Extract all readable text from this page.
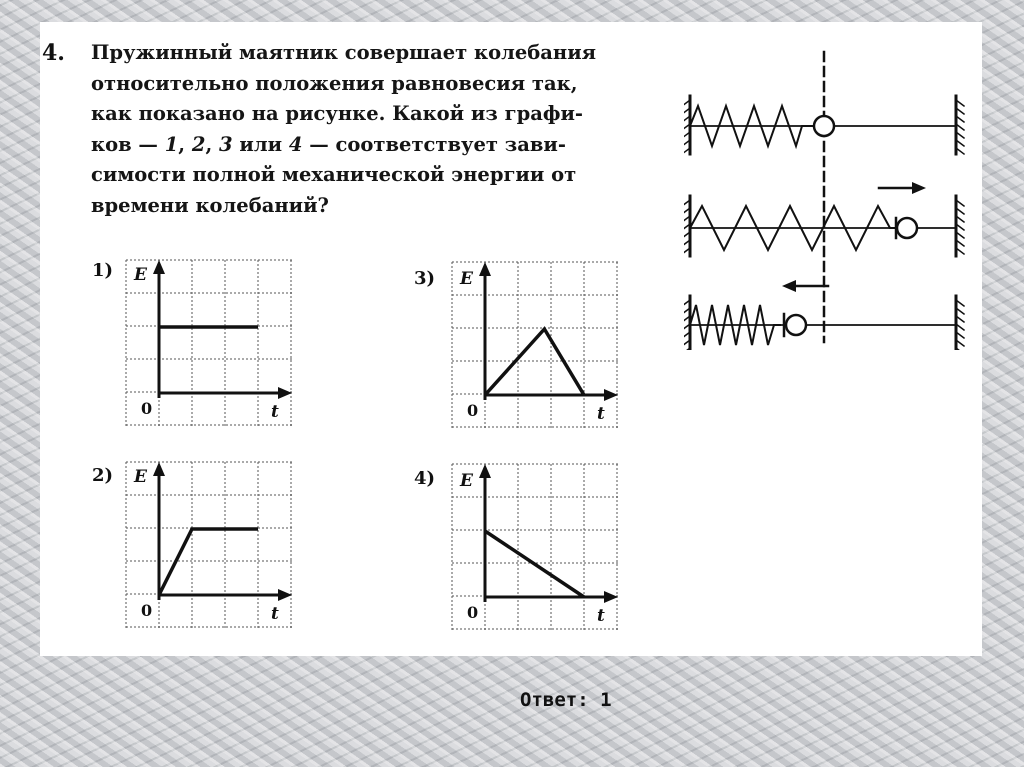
4. Пружинный маятник совершает колебания
относительно положения равновесия так,
как показано на рисунке. Какой из графи-
ков — 1, 2, 3 или 4 — соответствует зави-
симости полной механической энергии от
времени колебаний?

1) E
t
0
2) E
t
0
3) E
t
0
4) E
t
0
Ответ: 1
